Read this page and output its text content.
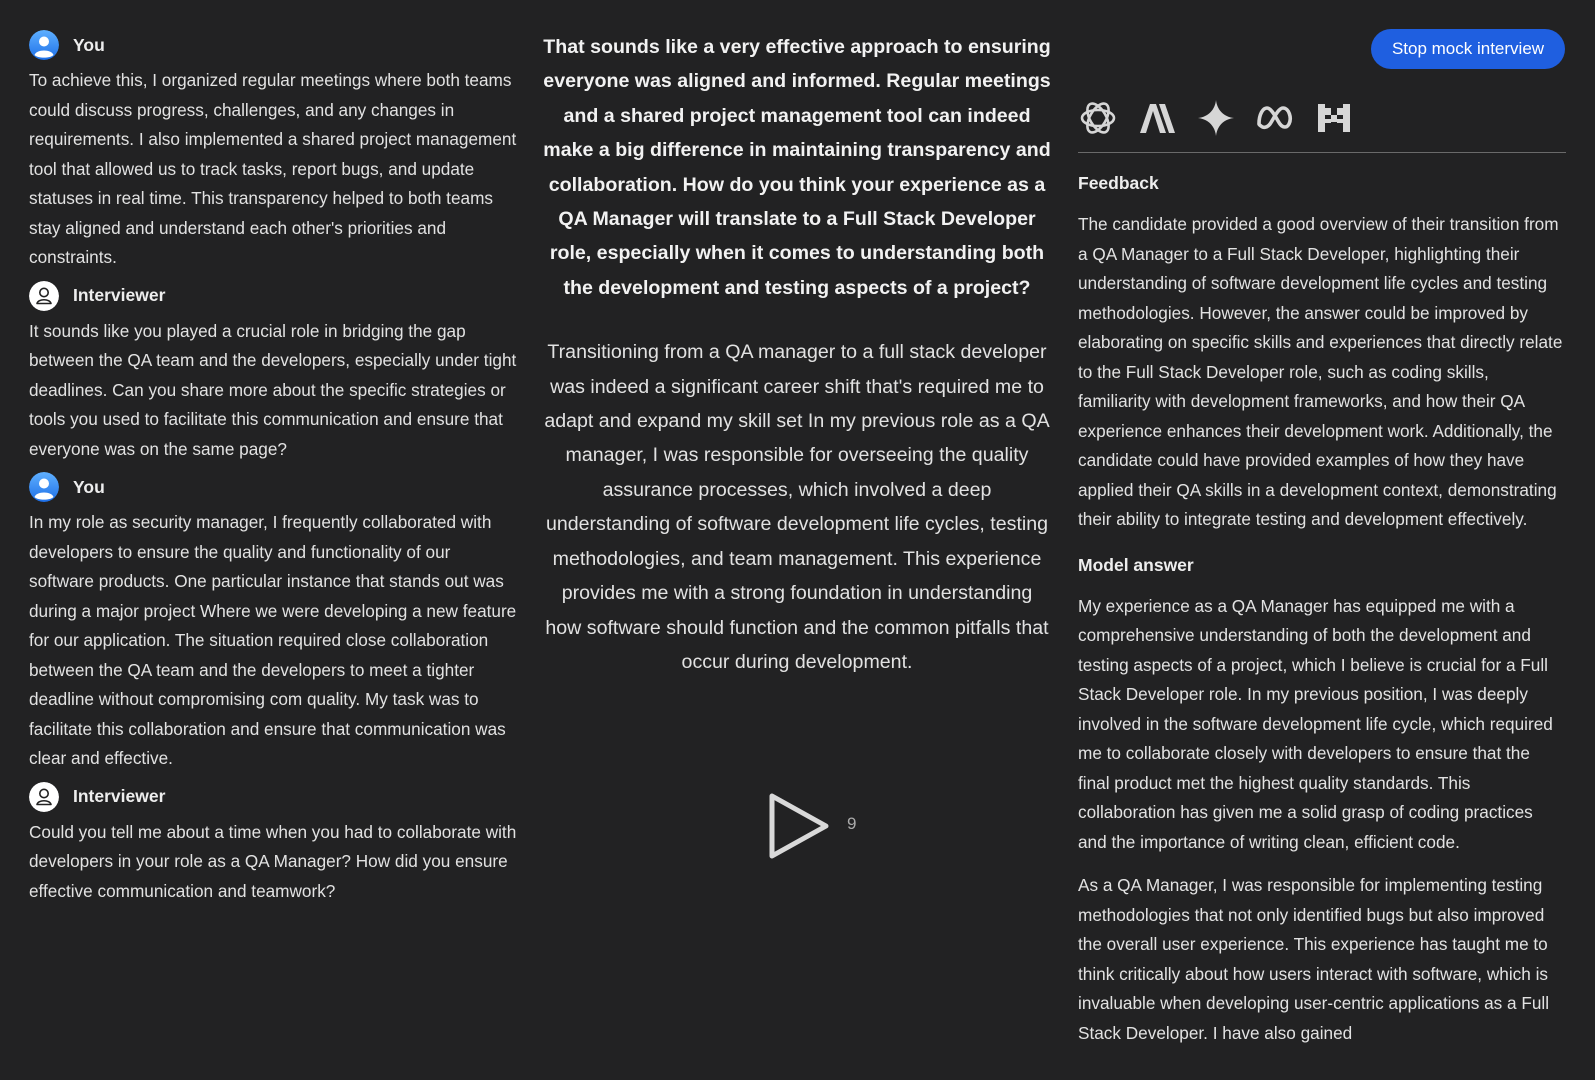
You

To achieve this, I organized regular meetings where both teams could discuss progress, challenges, and any changes in requirements. I also implemented a shared project management tool that allowed us to track tasks, report bugs, and update statuses in real time. This transparency helped to both teams stay aligned and understand each other's priorities and constraints.

Interviewer

It sounds like you played a crucial role in bridging the gap between the QA team and the developers, especially under tight deadlines. Can you share more about the specific strategies or tools you used to facilitate this communication and ensure that everyone was on the same page?

You

In my role as security manager, I frequently collaborated with developers to ensure the quality and functionality of our software products. One particular instance that stands out was during a major project Where we were developing a new feature for our application. The situation required close collaboration between the QA team and the developers to meet a tighter deadline without compromising com quality. My task was to facilitate this collaboration and ensure that communication was clear and effective.

Interviewer

Could you tell me about a time when you had to collaborate with developers in your role as a QA Manager? How did you ensure effective communication and teamwork?

That sounds like a very effective approach to ensuring everyone was aligned and informed. Regular meetings and a shared project management tool can indeed make a big difference in maintaining transparency and collaboration. How do you think your experience as a QA Manager will translate to a Full Stack Developer role, especially when it comes to understanding both the development and testing aspects of a project?

Transitioning from a QA manager to a full stack developer was indeed a significant career shift that's required me to adapt and expand my skill set In my previous role as a QA manager, I was responsible for overseeing the quality assurance processes, which involved a deep understanding of software development life cycles, testing methodologies, and team management. This experience provides me with a strong foundation in understanding how software should function and the common pitfalls that occur during development.

9
Stop mock interview
Feedback

The candidate provided a good overview of their transition from a QA Manager to a Full Stack Developer, highlighting their understanding of software development life cycles and testing methodologies. However, the answer could be improved by elaborating on specific skills and experiences that directly relate to the Full Stack Developer role, such as coding skills, familiarity with development frameworks, and how their QA experience enhances their development work. Additionally, the candidate could have provided examples of how they have applied their QA skills in a development context, demonstrating their ability to integrate testing and development effectively.

Model answer

My experience as a QA Manager has equipped me with a comprehensive understanding of both the development and testing aspects of a project, which I believe is crucial for a Full Stack Developer role. In my previous position, I was deeply involved in the software development life cycle, which required me to collaborate closely with developers to ensure that the final product met the highest quality standards. This collaboration has given me a solid grasp of coding practices and the importance of writing clean, efficient code.

As a QA Manager, I was responsible for implementing testing methodologies that not only identified bugs but also improved the overall user experience. This experience has taught me to think critically about how users interact with software, which is invaluable when developing user-centric applications as a Full Stack Developer. I have also gained
